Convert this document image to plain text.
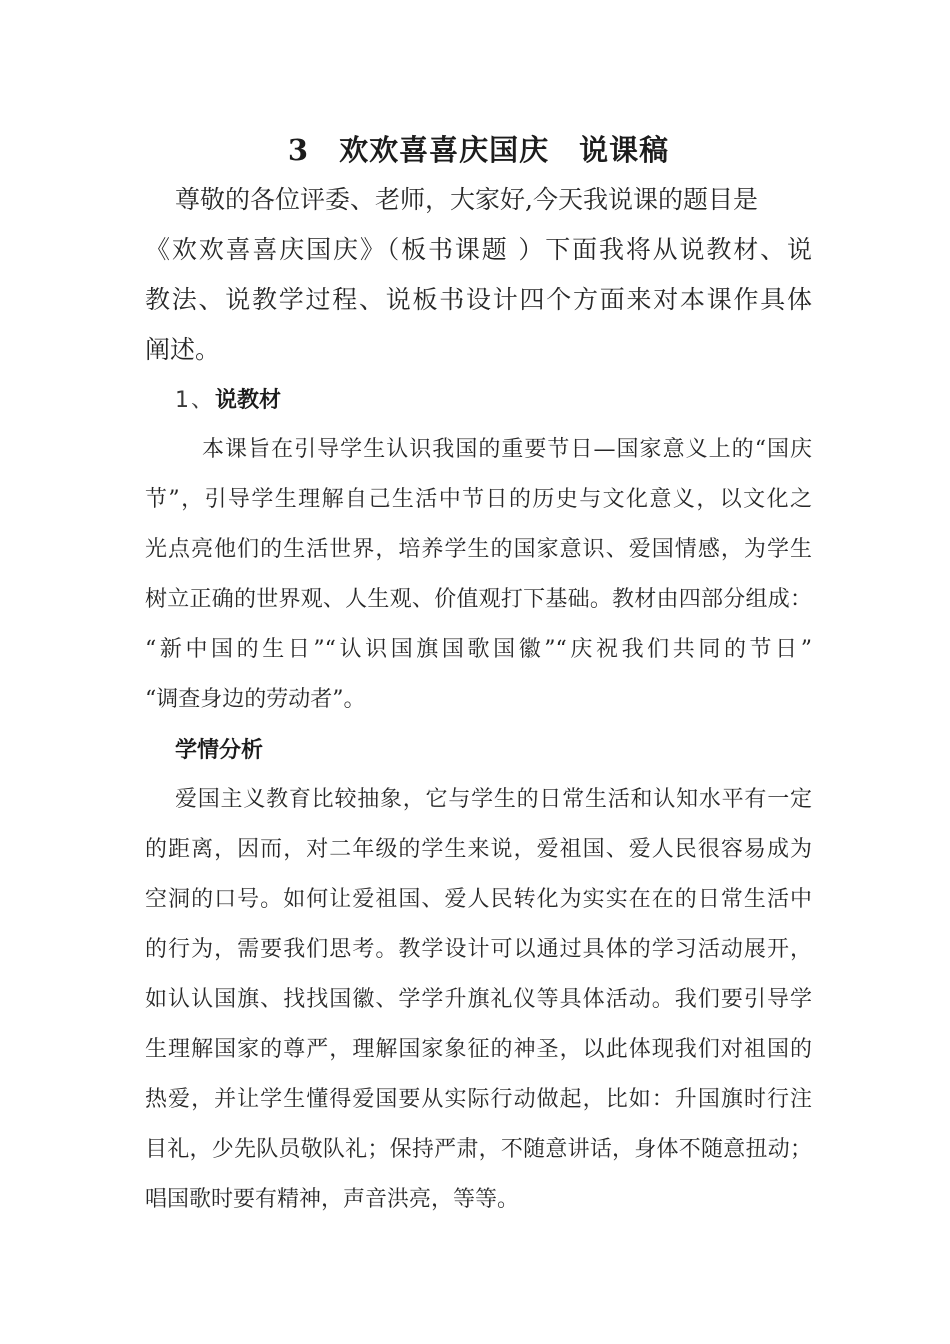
3　欢欢喜喜庆国庆　说课稿
尊敬的各位评委、老师，大家好,今天我说课的题目是
《欢欢喜喜庆国庆》（板书课题 ）下面我将从说教材、说
教法、说教学过程、说板书设计四个方面来对本课作具体
阐述。
1、说教材
本课旨在引导学生认识我国的重要节日—国家意义上的“国庆
节”，引导学生理解自己生活中节日的历史与文化意义，以文化之
光点亮他们的生活世界，培养学生的国家意识、爱国情感，为学生
树立正确的世界观、人生观、价值观打下基础。教材由四部分组成：
“新中国的生日”“认识国旗国歌国徽”“庆祝我们共同的节日”
“调查身边的劳动者”。
学情分析
爱国主义教育比较抽象，它与学生的日常生活和认知水平有一定
的距离，因而，对二年级的学生来说，爱祖国、爱人民很容易成为
空洞的口号。如何让爱祖国、爱人民转化为实实在在的日常生活中
的行为，需要我们思考。教学设计可以通过具体的学习活动展开，
如认认国旗、找找国徽、学学升旗礼仪等具体活动。我们要引导学
生理解国家的尊严，理解国家象征的神圣，以此体现我们对祖国的
热爱，并让学生懂得爱国要从实际行动做起，比如：升国旗时行注
目礼，少先队员敬队礼；保持严肃，不随意讲话，身体不随意扭动；
唱国歌时要有精神，声音洪亮，等等。
